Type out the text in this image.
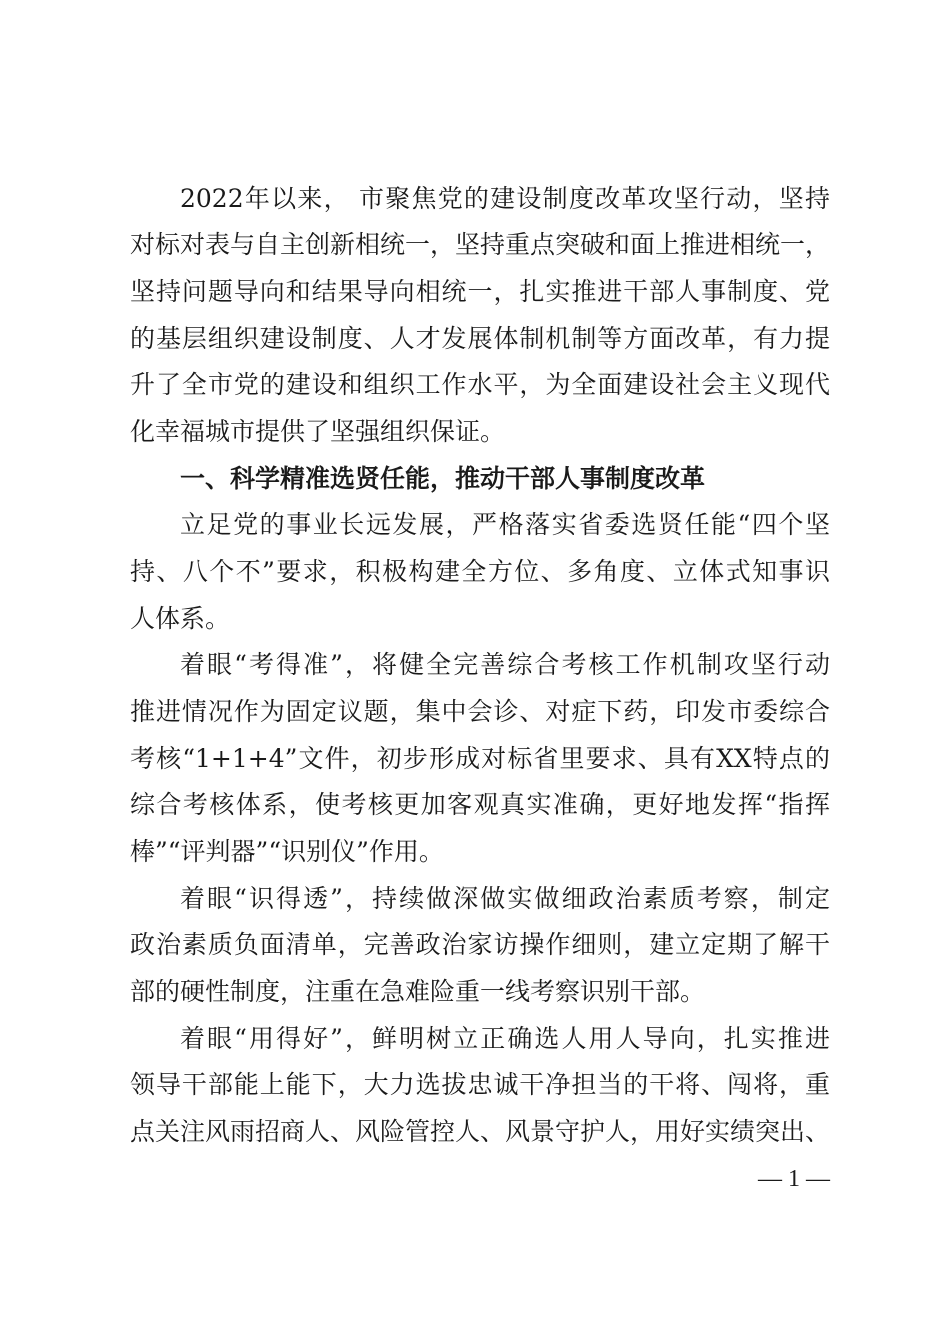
2022年以来， 市聚焦党的建设制度改革攻坚行动，坚持
对标对表与自主创新相统一，坚持重点突破和面上推进相统一，
坚持问题导向和结果导向相统一，扎实推进干部人事制度、党
的基层组织建设制度、人才发展体制机制等方面改革，有力提
升了全市党的建设和组织工作水平，为全面建设社会主义现代
化幸福城市提供了坚强组织保证。
一、科学精准选贤任能，推动干部人事制度改革
立足党的事业长远发展，严格落实省委选贤任能“四个坚
持、八个不”要求，积极构建全方位、多角度、立体式知事识
人体系。
着眼“考得准”，将健全完善综合考核工作机制攻坚行动
推进情况作为固定议题，集中会诊、对症下药，印发市委综合
考核“1+1+4”文件，初步形成对标省里要求、具有XX特点的
综合考核体系，使考核更加客观真实准确，更好地发挥“指挥
棒”“评判器”“识别仪”作用。
着眼“识得透”，持续做深做实做细政治素质考察，制定
政治素质负面清单，完善政治家访操作细则，建立定期了解干
部的硬性制度，注重在急难险重一线考察识别干部。
着眼“用得好”，鲜明树立正确选人用人导向，扎实推进
领导干部能上能下，大力选拔忠诚干净担当的干将、闯将，重
点关注风雨招商人、风险管控人、风景守护人，用好实绩突出、
— 1 —
